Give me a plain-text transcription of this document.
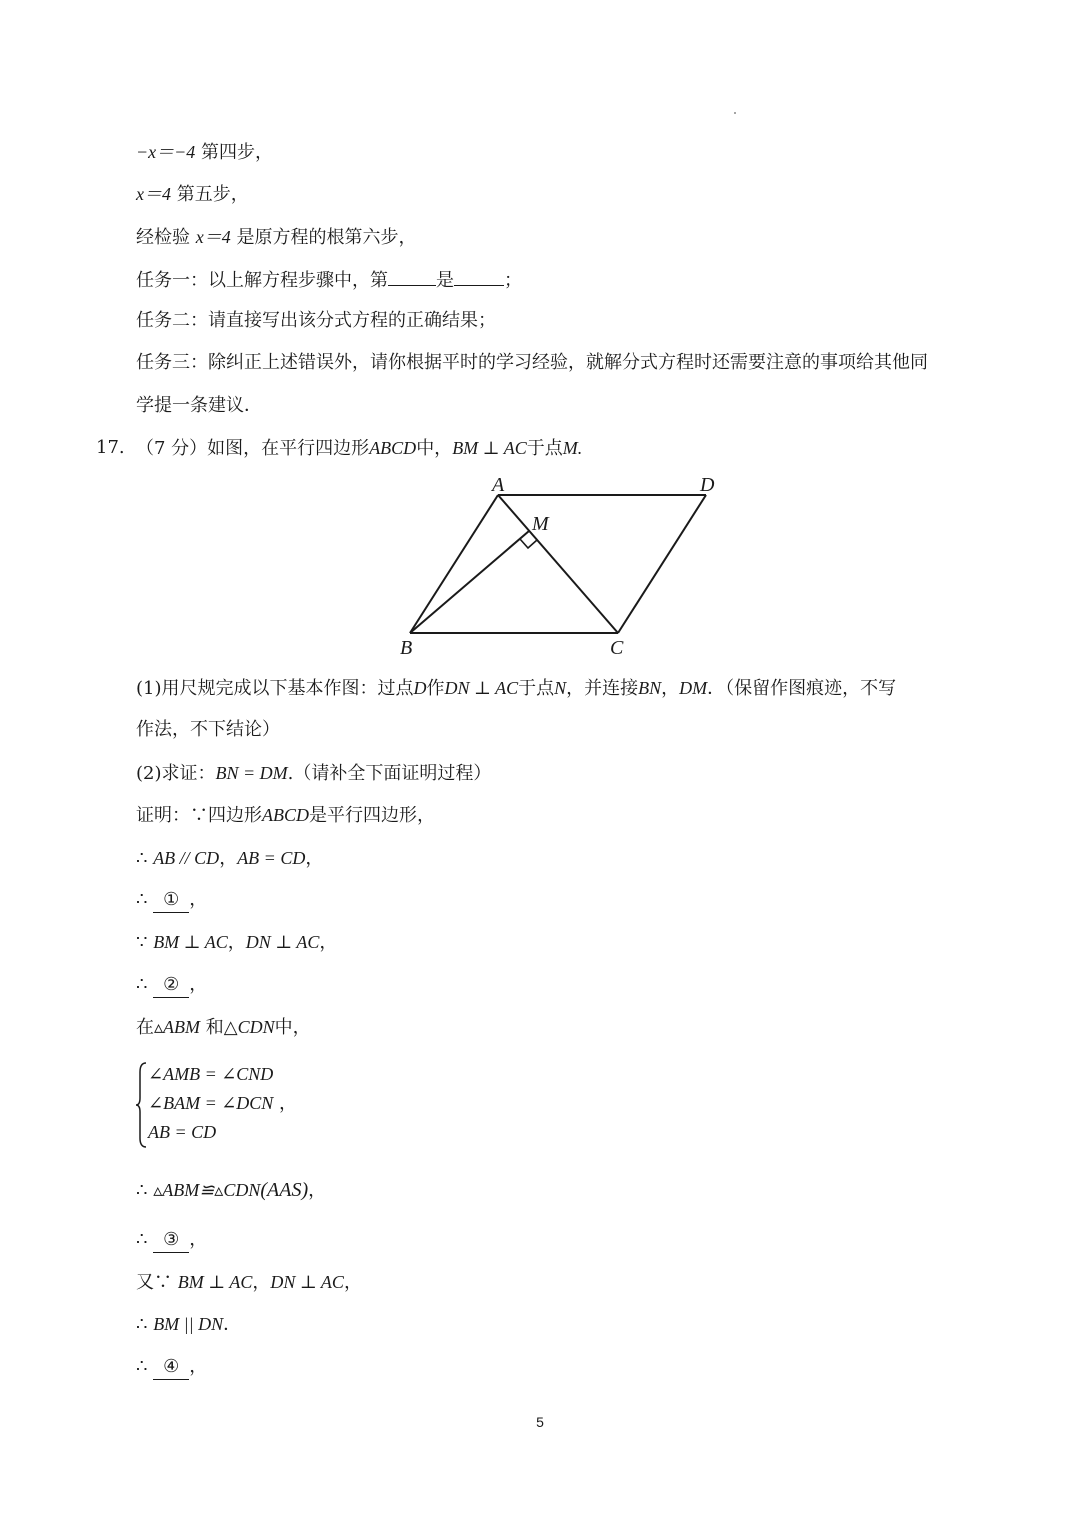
−x＝−4 第四步，
x＝4 第五步，
经检验 x＝4 是原方程的根第六步，
任务一：以上解方程步骤中，第	是	；
任务二：请直接写出该分式方程的正确结果；
任务三：除纠正上述错误外，请你根据平时的学习经验，就解分式方程时还需要注意的事项给其他同
学提一条建议．
17. （7 分）如图，在平行四边形ABCD中，BM ⊥ AC于点M.
A	D
M
B	C
(1)用尺规完成以下基本作图：过点D作DN ⊥ AC于点N，并连接BN，DM．（保留作图痕迹，不写
作法，不下结论）
(2)求证：BN = DM.（请补全下面证明过程）
证明：∵四边形ABCD是平行四边形，
∴ AB // CD，AB = CD，
∴ ① ，
∵ BM ⊥ AC，DN ⊥ AC，
∴ ② ，
在▵ABM 和△CDN中，
∠AMB = ∠CND
∠BAM = ∠DCN ，
AB = CD
∴ ▵ABM≌▵CDN(AAS)，
∴ ③ ，
又∵ BM ⊥ AC，DN ⊥ AC，
∴ BM || DN．
∴ ④ ，
5
